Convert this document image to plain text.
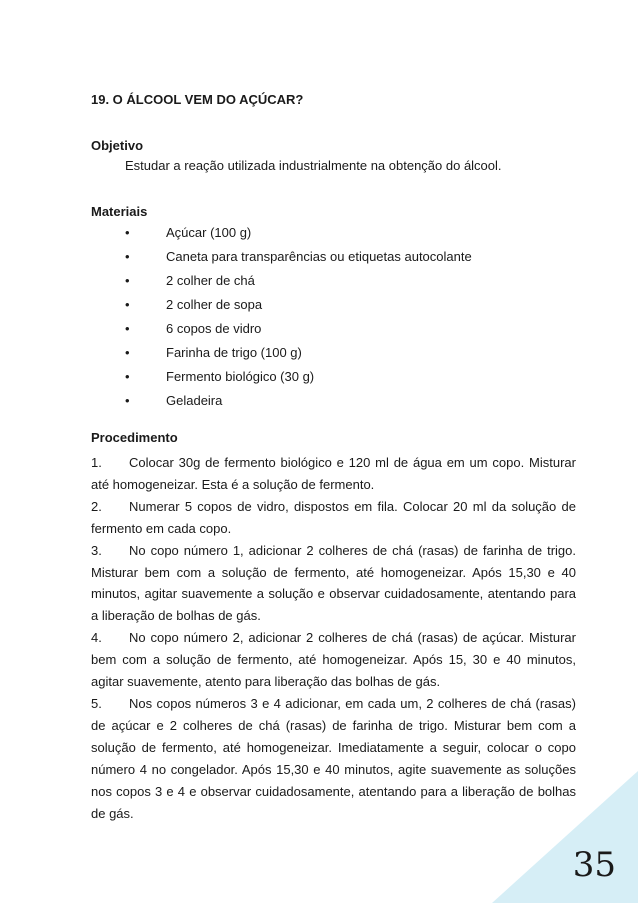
19. O ÁLCOOL VEM DO AÇÚCAR?
Objetivo
Estudar a reação utilizada industrialmente na obtenção do álcool.
Materiais
•	Açúcar (100 g)
•	Caneta para transparências ou etiquetas autocolante
•	2 colher de chá
•	2 colher de sopa
•	6 copos de vidro
•	Farinha de trigo (100 g)
•	Fermento biológico (30 g)
•	Geladeira
Procedimento

1. Colocar 30g de fermento biológico e 120 ml de água em um copo. Misturar até homogeneizar. Esta é a solução de fermento.

2. Numerar 5 copos de vidro, dispostos em fila. Colocar 20 ml da solução de fermento em cada copo.

3. No copo número 1, adicionar 2 colheres de chá (rasas) de farinha de trigo. Misturar bem com a solução de fermento, até homogeneizar. Após 15,30 e 40 minutos, agitar suavemente a solução e observar cuidadosamente, atentando para a liberação de bolhas de gás.

4. No copo número 2, adicionar 2 colheres de chá (rasas) de açúcar. Misturar bem com a solução de fermento, até homogeneizar. Após 15, 30 e 40 minutos, agitar suavemente, atento para liberação das bolhas de gás.

5. Nos copos números 3 e 4 adicionar, em cada um, 2 colheres de chá (rasas) de açúcar e 2 colheres de chá (rasas) de farinha de trigo. Misturar bem com a solução de fermento, até homogeneizar. Imediatamente a seguir, colocar o copo número 4 no congelador. Após 15,30 e 40 minutos, agite suavemente as soluções nos copos 3 e 4 e observar cuidadosamente, atentando para a liberação de bolhas de gás.

35
